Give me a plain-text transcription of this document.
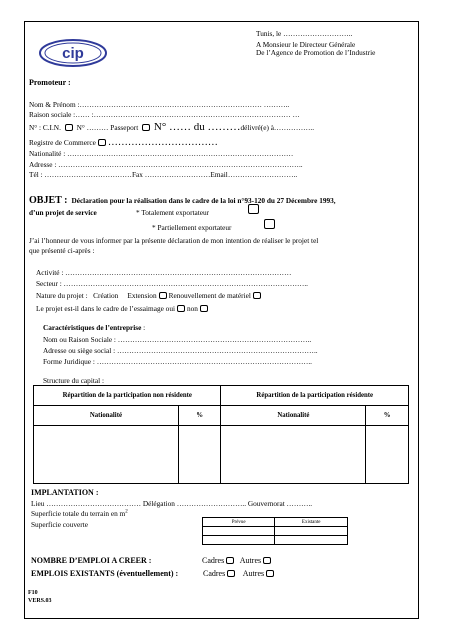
cip
Tunis, le ………………………..
A Monsieur le Directeur Générale
De l’Agence de Promotion de l’Industrie
Promoteur :
Nom & Prénom :………………………………………………………………… ………..
Raison sociale :…… :……………………………………………………………………… …
N° : C.I.N. N° ……… Passeport N° …… du ………délivré(e) à……………..
Registre de Commerce ……………………………
Nationalité : …………………………………………………………………………………
Adresse : ………………………………………………………………………………………..
Tél : ………………………………Fax ………………………Email………………………..
OBJET : Déclaration pour la réalisation dans le cadre de la loi n°93-120 du 27 Décembre 1993,
d’un projet de service	* Totalement exportateur
* Partiellement exportateur
J’ai l’honneur de vous informer par la présente déclaration de mon intention de réaliser le projet tel
que présenté ci-après :
Activité : …………………………………………………………………………………
Secteur : ………………………………………………………………………………………..
Nature du projet : Création Extension Renouvellement de matériel
Le projet est-il dans le cadre de l’essaimage oui non
Caractéristiques de l’entreprise :
Nom ou Raison Sociale : ……………………………………………………………………..
Adresse ou siège social : ………………………………………………………………………..
Forme Juridique : ……………………………………………………………………………..
Structure du capital :
Répartition de la participation non résidente		Répartition de la participation résidente	
Nationalité	%	Nationalité	%

IMPLANTATION :
Lieu ………………………………… Délégation ……………………….. Gouvernorat ………..
Superficie totale du terrain en $m^2$
Superficie couverte	Prévue	Existante

NOMBRE D’EMPLOI A CREER :	Cadres Autres
EMPLOIS EXISTANTS (éventuellement) :	Cadres Autres
F10
VERS.03
